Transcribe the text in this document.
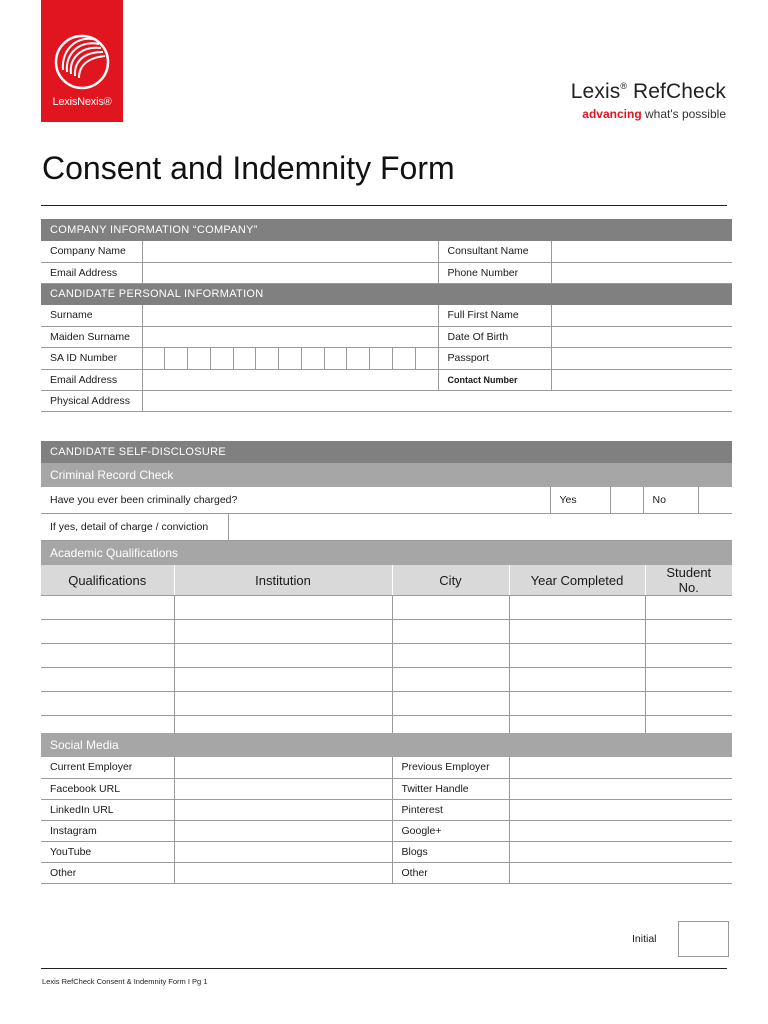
LexisNexis®	Lexis® RefCheck
advancing what's possible
Consent and Indemnity Form
COMPANY INFORMATION “COMPANY”			
Company Name		Consultant Name	
Email Address		Phone Number	
CANDIDATE PERSONAL INFORMATION			
Surname		Full First Name	
Maiden Surname		Date Of Birth	
SA ID Number		Passport	
Email Address		Contact Number	
Physical Address			
CANDIDATE SELF-DISCLOSURE					
Criminal Record Check					
Have you ever been criminally charged?		Yes		No	
If yes, detail of charge / conviction					
Academic Qualifications				
Qualifications	Institution	City	Year Completed	Student No.

Social Media			
Current Employer		Previous Employer	
Facebook URL		Twitter Handle	
LinkedIn URL		Pinterest	
Instagram		Google+	
YouTube		Blogs	
Other		Other	
Initial
Lexis RefCheck Consent & Indemnity Form I Pg 1
